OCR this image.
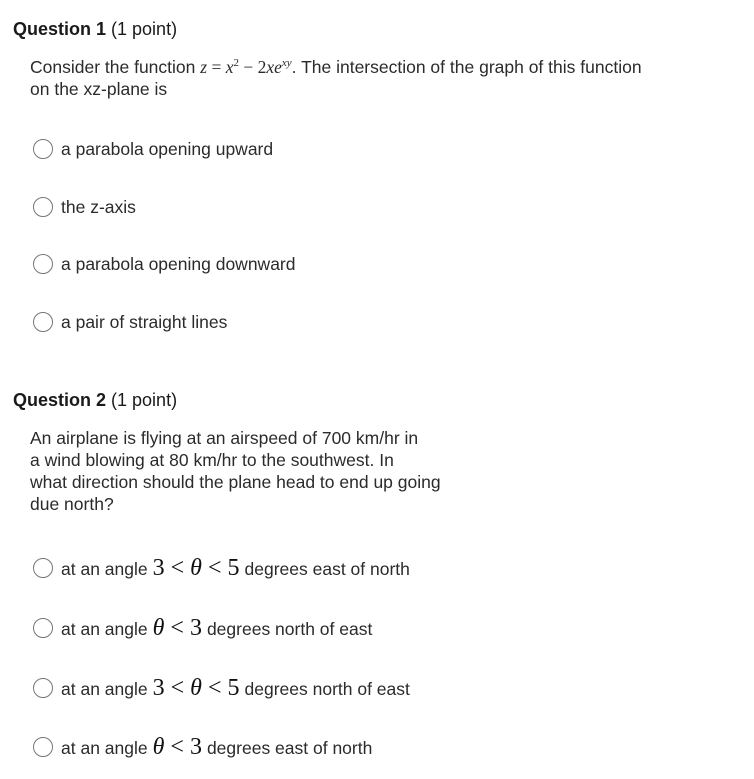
Question 1 (1 point)
Consider the function $z = x^2 - 2xe^{xy}$. The intersection of the graph of this function
on the xz-plane is
a parabola opening upward
the z-axis
a parabola opening downward
a pair of straight lines
Question 2 (1 point)
An airplane is flying at an airspeed of 700 km/hr in
a wind blowing at 80 km/hr to the southwest. In
what direction should the plane head to end up going
due north?
at an angle 3 < θ < 5 degrees east of north
at an angle θ < 3 degrees north of east
at an angle 3 < θ < 5 degrees north of east
at an angle θ < 3 degrees east of north
